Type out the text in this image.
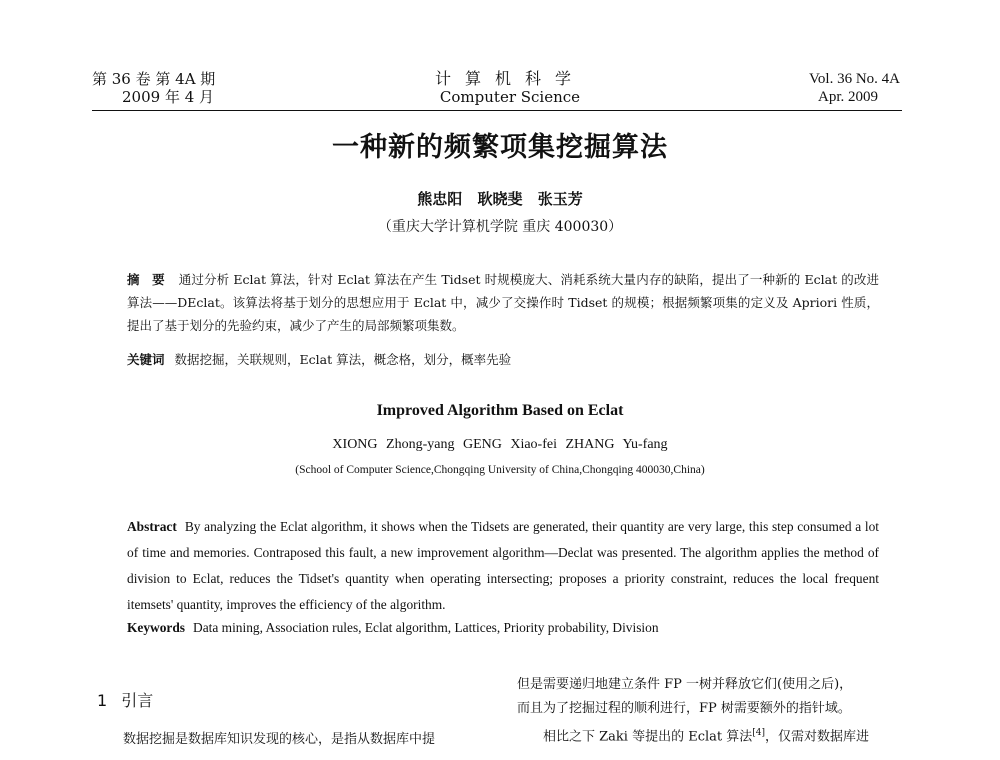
第 36 卷 第 4A 期
2009 年 4 月
计算机科学
Computer Science
Vol. 36 No. 4A
Apr. 2009
一种新的频繁项集挖掘算法
熊忠阳 耿晓斐 张玉芳
（重庆大学计算机学院 重庆 400030）
摘 要 通过分析 Eclat 算法，针对 Eclat 算法在产生 Tidset 时规模庞大、消耗系统大量内存的缺陷，提出了一种新的 Eclat 的改进算法——DEclat。该算法将基于划分的思想应用于 Eclat 中，减少了交操作时 Tidset 的规模；根据频繁项集的定义及 Apriori 性质，提出了基于划分的先验约束，减少了产生的局部频繁项集数。
关键词 数据挖掘，关联规则，Eclat 算法，概念格，划分，概率先验
Improved Algorithm Based on Eclat
XIONG Zhong-yang GENG Xiao-fei ZHANG Yu-fang
(School of Computer Science,Chongqing University of China,Chongqing 400030,China)
Abstract By analyzing the Eclat algorithm, it shows when the Tidsets are generated, their quantity are very large, this step consumed a lot of time and memories. Contraposed this fault, a new improvement algorithm—Declat was presented. The algorithm applies the method of division to Eclat, reduces the Tidset's quantity when operating intersecting; proposes a priority constraint, reduces the local frequent itemsets' quantity, improves the efficiency of the algorithm.
Keywords Data mining, Association rules, Eclat algorithm, Lattices, Priority probability, Division
1 引言
数据挖掘是数据库知识发现的核心，是指从数据库中提

但是需要递归地建立条件 FP 一树并释放它们(使用之后)，

而且为了挖掘过程的顺利进行，FP 树需要额外的指针域。

相比之下 Zaki 等提出的 Eclat 算法[4]，仅需对数据库进
